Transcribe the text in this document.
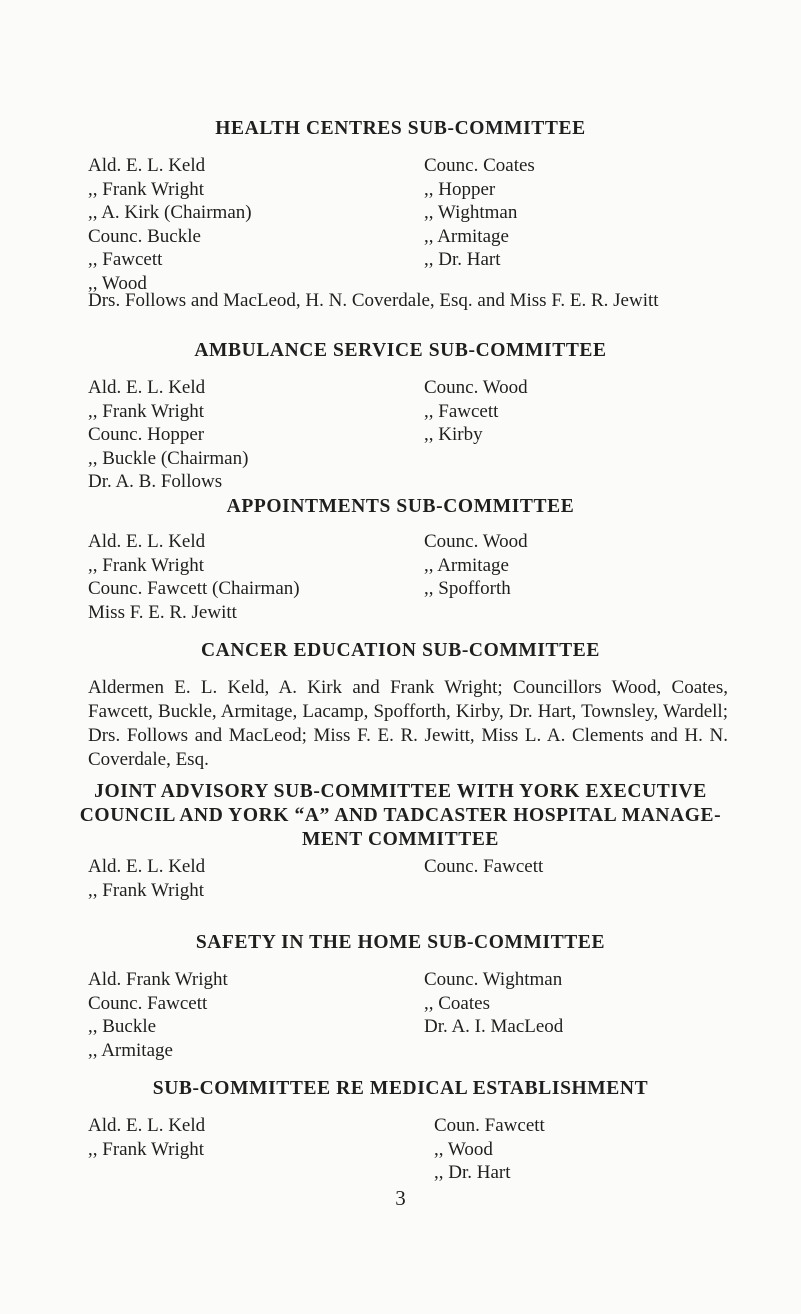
HEALTH CENTRES SUB-COMMITTEE
Ald. E. L. Keld
,, Frank Wright
,, A. Kirk (Chairman)
Counc. Buckle
,, Fawcett
,, Wood
Counc. Coates
,, Hopper
,, Wightman
,, Armitage
,, Dr. Hart

Drs. Follows and MacLeod, H. N. Coverdale, Esq. and Miss F. E. R. Jewitt

AMBULANCE SERVICE SUB-COMMITTEE
Ald. E. L. Keld
,, Frank Wright
Counc. Hopper
,, Buckle (Chairman)
Dr. A. B. Follows
Counc. Wood
,, Fawcett
,, Kirby
APPOINTMENTS SUB-COMMITTEE
Ald. E. L. Keld
,, Frank Wright
Counc. Fawcett (Chairman)
Miss F. E. R. Jewitt
Counc. Wood
,, Armitage
,, Spofforth
CANCER EDUCATION SUB-COMMITTEE

Aldermen E. L. Keld, A. Kirk and Frank Wright; Councillors Wood, Coates, Fawcett, Buckle, Armitage, Lacamp, Spofforth, Kirby, Dr. Hart, Townsley, Wardell; Drs. Follows and MacLeod; Miss F. E. R. Jewitt, Miss L. A. Clements and H. N. Coverdale, Esq.

JOINT ADVISORY SUB-COMMITTEE WITH YORK EXECUTIVE
COUNCIL AND YORK “A” AND TADCASTER HOSPITAL MANAGE-
MENT COMMITTEE
Ald. E. L. Keld
,, Frank Wright
Counc. Fawcett
SAFETY IN THE HOME SUB-COMMITTEE
Ald. Frank Wright
Counc. Fawcett
,, Buckle
,, Armitage
Counc. Wightman
,, Coates
Dr. A. I. MacLeod
SUB-COMMITTEE RE MEDICAL ESTABLISHMENT
Ald. E. L. Keld
,, Frank Wright
Coun. Fawcett
,, Wood
,, Dr. Hart

3
